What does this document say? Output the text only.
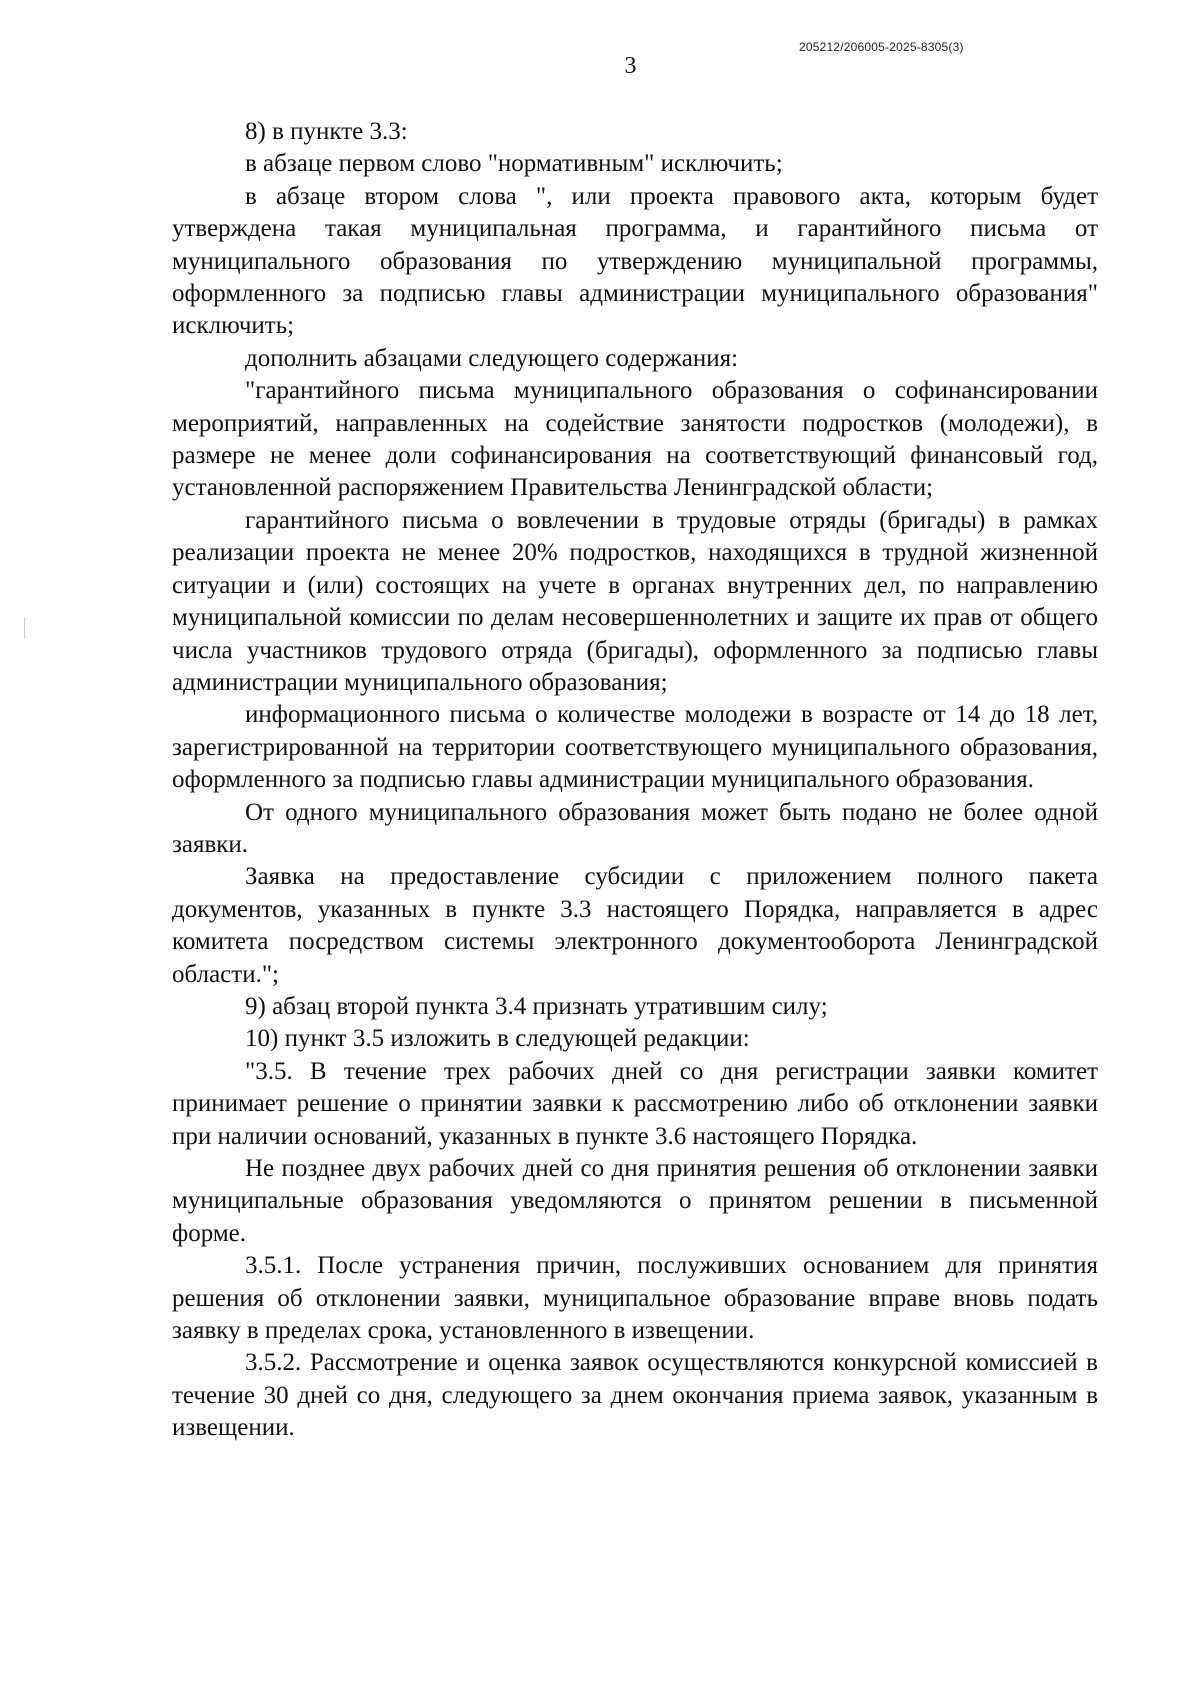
205212/206005-2025-8305(3)
3

8) в пункте 3.3:

в абзаце первом слово "нормативным" исключить;

в абзаце втором слова ", или проекта правового акта, которым будет утверждена такая муниципальная программа, и гарантийного письма от муниципального образования по утверждению муниципальной программы, оформленного за подписью главы администрации муниципального образования" исключить;

дополнить абзацами следующего содержания:

"гарантийного письма муниципального образования о софинансировании мероприятий, направленных на содействие занятости подростков (молодежи), в размере не менее доли софинансирования на соответствующий финансовый год, установленной распоряжением Правительства Ленинградской области;

гарантийного письма о вовлечении в трудовые отряды (бригады) в рамках реализации проекта не менее 20% подростков, находящихся в трудной жизненной ситуации и (или) состоящих на учете в органах внутренних дел, по направлению муниципальной комиссии по делам несовершеннолетних и защите их прав от общего числа участников трудового отряда (бригады), оформленного за подписью главы администрации муниципального образования;

информационного письма о количестве молодежи в возрасте от 14 до 18 лет, зарегистрированной на территории соответствующего муниципального образования, оформленного за подписью главы администрации муниципального образования.

От одного муниципального образования может быть подано не более одной заявки.

Заявка на предоставление субсидии с приложением полного пакета документов, указанных в пункте 3.3 настоящего Порядка, направляется в адрес комитета посредством системы электронного документооборота Ленинградской области.";

9) абзац второй пункта 3.4 признать утратившим силу;

10) пункт 3.5 изложить в следующей редакции:

"3.5. В течение трех рабочих дней со дня регистрации заявки комитет принимает решение о принятии заявки к рассмотрению либо об отклонении заявки при наличии оснований, указанных в пункте 3.6 настоящего Порядка.

Не позднее двух рабочих дней со дня принятия решения об отклонении заявки муниципальные образования уведомляются о принятом решении в письменной форме.

3.5.1. После устранения причин, послуживших основанием для принятия решения об отклонении заявки, муниципальное образование вправе вновь подать заявку в пределах срока, установленного в извещении.

3.5.2. Рассмотрение и оценка заявок осуществляются конкурсной комиссией в течение 30 дней со дня, следующего за днем окончания приема заявок, указанным в извещении.
